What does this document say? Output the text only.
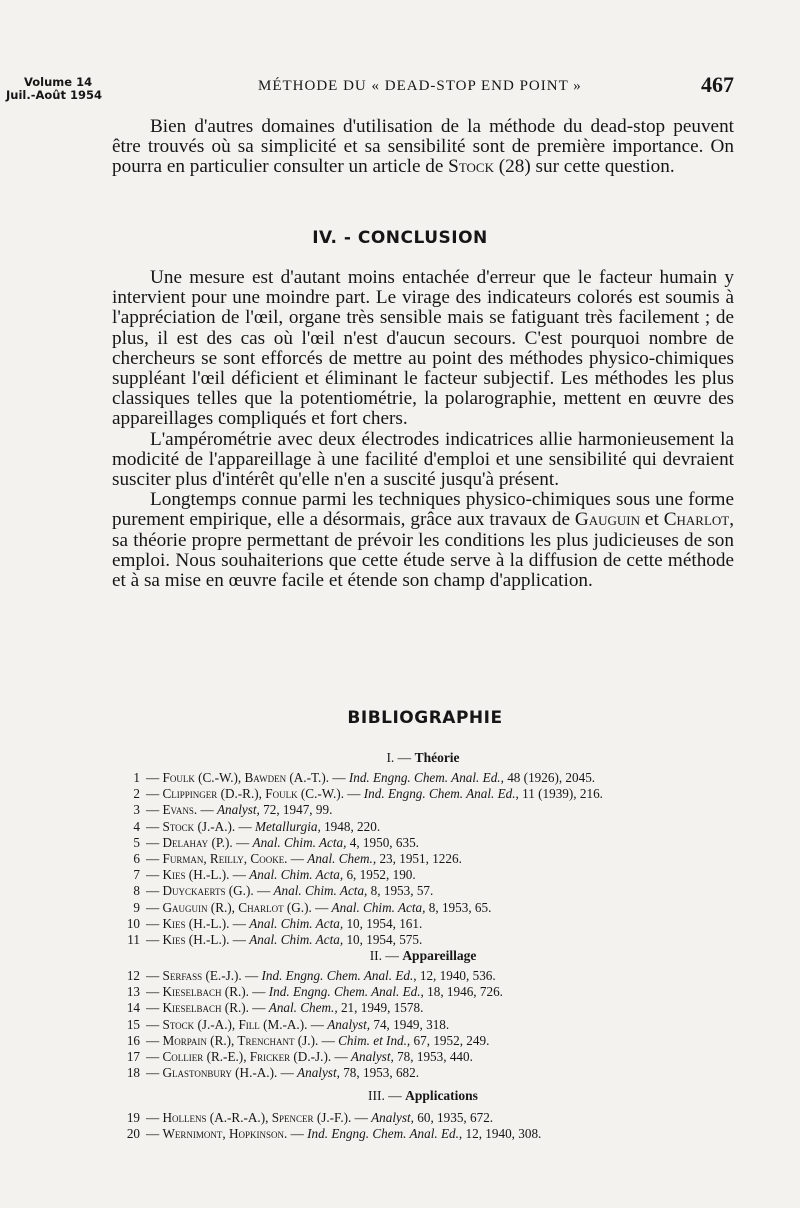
Volume 14
Juil.-Août 1954
MÉTHODE DU « DEAD-STOP END POINT »	467

Bien d'autres domaines d'utilisation de la méthode du dead-stop peuvent être trouvés où sa simplicité et sa sensibilité sont de première importance. On pourra en particulier consulter un article de Stock (28) sur cette question.

IV. - CONCLUSION

Une mesure est d'autant moins entachée d'erreur que le facteur humain y intervient pour une moindre part. Le virage des indicateurs colorés est soumis à l'appréciation de l'œil, organe très sensible mais se fatiguant très facilement ; de plus, il est des cas où l'œil n'est d'aucun secours. C'est pourquoi nombre de chercheurs se sont efforcés de mettre au point des méthodes physico-chimiques suppléant l'œil déficient et éliminant le facteur subjectif. Les méthodes les plus classiques telles que la potentiométrie, la polarographie, mettent en œuvre des appareillages compliqués et fort chers.

L'ampérométrie avec deux électrodes indicatrices allie harmonieusement la modicité de l'appareillage à une facilité d'emploi et une sensibilité qui devraient susciter plus d'intérêt qu'elle n'en a suscité jusqu'à présent.

Longtemps connue parmi les techniques physico-chimiques sous une forme purement empirique, elle a désormais, grâce aux travaux de Gauguin et Charlot, sa théorie propre permettant de prévoir les conditions les plus judicieuses de son emploi. Nous souhaiterions que cette étude serve à la diffusion de cette méthode et à sa mise en œuvre facile et étende son champ d'application.

BIBLIOGRAPHIE
I. — Théorie
1 — Foulk (C.-W.), Bawden (A.-T.). — Ind. Engng. Chem. Anal. Ed., 48 (1926), 2045.
2 — Clippinger (D.-R.), Foulk (C.-W.). — Ind. Engng. Chem. Anal. Ed., 11 (1939), 216.
3 — Evans. — Analyst, 72, 1947, 99.
4 — Stock (J.-A.). — Metallurgia, 1948, 220.
5 — Delahay (P.). — Anal. Chim. Acta, 4, 1950, 635.
6 — Furman, Reilly, Cooke. — Anal. Chem., 23, 1951, 1226.
7 — Kies (H.-L.). — Anal. Chim. Acta, 6, 1952, 190.
8 — Duyckaerts (G.). — Anal. Chim. Acta, 8, 1953, 57.
9 — Gauguin (R.), Charlot (G.). — Anal. Chim. Acta, 8, 1953, 65.
10 — Kies (H.-L.). — Anal. Chim. Acta, 10, 1954, 161.
11 — Kies (H.-L.). — Anal. Chim. Acta, 10, 1954, 575.
II. — Appareillage
12 — Serfass (E.-J.). — Ind. Engng. Chem. Anal. Ed., 12, 1940, 536.
13 — Kieselbach (R.). — Ind. Engng. Chem. Anal. Ed., 18, 1946, 726.
14 — Kieselbach (R.). — Anal. Chem., 21, 1949, 1578.
15 — Stock (J.-A.), Fill (M.-A.). — Analyst, 74, 1949, 318.
16 — Morpain (R.), Trenchant (J.). — Chim. et Ind., 67, 1952, 249.
17 — Collier (R.-E.), Fricker (D.-J.). — Analyst, 78, 1953, 440.
18 — Glastonbury (H.-A.). — Analyst, 78, 1953, 682.
III. — Applications
19 — Hollens (A.-R.-A.), Spencer (J.-F.). — Analyst, 60, 1935, 672.
20 — Wernimont, Hopkinson. — Ind. Engng. Chem. Anal. Ed., 12, 1940, 308.
